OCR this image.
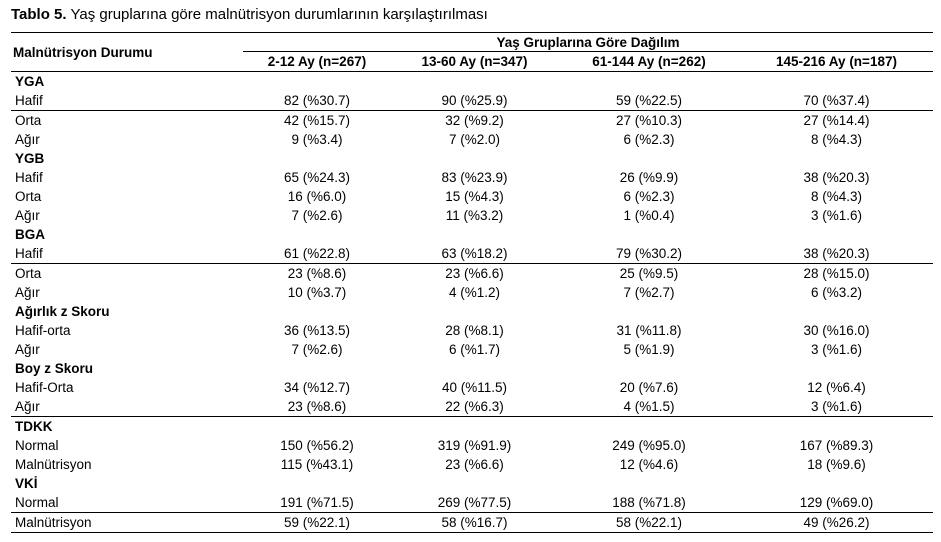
Tablo 5. Yaş gruplarına göre malnütrisyon durumlarının karşılaştırılması
Malnütrisyon Durumu	Yaş Gruplarına Göre Dağılım			
	2-12 Ay (n=267)	13-60 Ay (n=347)	61-144 Ay (n=262)	145-216 Ay (n=187)
YGA				
Hafif	82 (%30.7)	90 (%25.9)	59 (%22.5)	70 (%37.4)
Orta	42 (%15.7)	32 (%9.2)	27 (%10.3)	27 (%14.4)
Ağır	9 (%3.4)	7 (%2.0)	6 (%2.3)	8 (%4.3)
YGB				
Hafif	65 (%24.3)	83 (%23.9)	26 (%9.9)	38 (%20.3)
Orta	16 (%6.0)	15 (%4.3)	6 (%2.3)	8 (%4.3)
Ağır	7 (%2.6)	11 (%3.2)	1 (%0.4)	3 (%1.6)
BGA				
Hafif	61 (%22.8)	63 (%18.2)	79 (%30.2)	38 (%20.3)
Orta	23 (%8.6)	23 (%6.6)	25 (%9.5)	28 (%15.0)
Ağır	10 (%3.7)	4 (%1.2)	7 (%2.7)	6 (%3.2)
Ağırlık z Skoru				
Hafif-orta	36 (%13.5)	28 (%8.1)	31 (%11.8)	30 (%16.0)
Ağır	7 (%2.6)	6 (%1.7)	5 (%1.9)	3 (%1.6)
Boy z Skoru				
Hafif-Orta	34 (%12.7)	40 (%11.5)	20 (%7.6)	12 (%6.4)
Ağır	23 (%8.6)	22 (%6.3)	4 (%1.5)	3 (%1.6)
TDKK				
Normal	150 (%56.2)	319 (%91.9)	249 (%95.0)	167 (%89.3)
Malnütrisyon	115 (%43.1)	23 (%6.6)	12 (%4.6)	18 (%9.6)
VKİ				
Normal	191 (%71.5)	269 (%77.5)	188 (%71.8)	129 (%69.0)
Malnütrisyon	59 (%22.1)	58 (%16.7)	58 (%22.1)	49 (%26.2)
